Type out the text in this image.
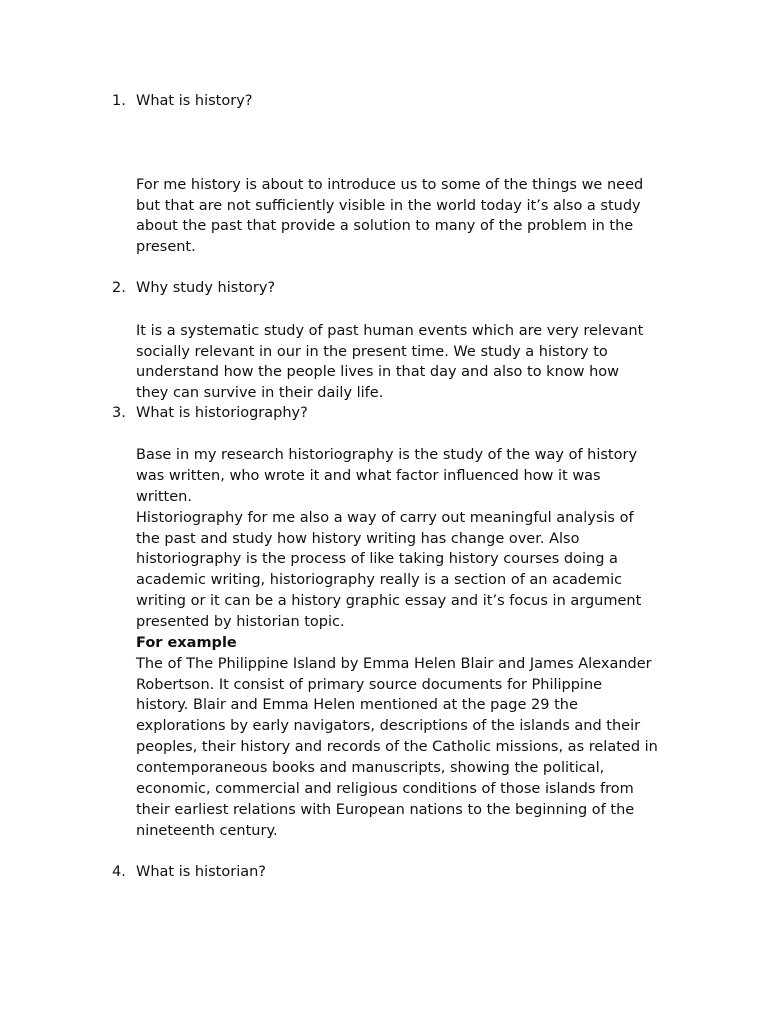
1. What is history?
For me history is about to introduce us to some of the things we need
but that are not sufficiently visible in the world today it’s also a study
about the past that provide a solution to many of the problem in the
present.
2. Why study history?
It is a systematic study of past human events which are very relevant
socially relevant in our in the present time. We study a history to
understand how the people lives in that day and also to know how
they can survive in their daily life.
3. What is historiography?
Base in my research historiography is the study of the way of history
was written, who wrote it and what factor influenced how it was
written.
Historiography for me also a way of carry out meaningful analysis of
the past and study how history writing has change over. Also
historiography is the process of like taking history courses doing a
academic writing, historiography really is a section of an academic
writing or it can be a history graphic essay and it’s focus in argument
presented by historian topic.
For example
The of The Philippine Island by Emma Helen Blair and James Alexander
Robertson. It consist of primary source documents for Philippine
history. Blair and Emma Helen mentioned at the page 29 the
explorations by early navigators, descriptions of the islands and their
peoples, their history and records of the Catholic missions, as related in
contemporaneous books and manuscripts, showing the political,
economic, commercial and religious conditions of those islands from
their earliest relations with European nations to the beginning of the
nineteenth century.
4. What is historian?
